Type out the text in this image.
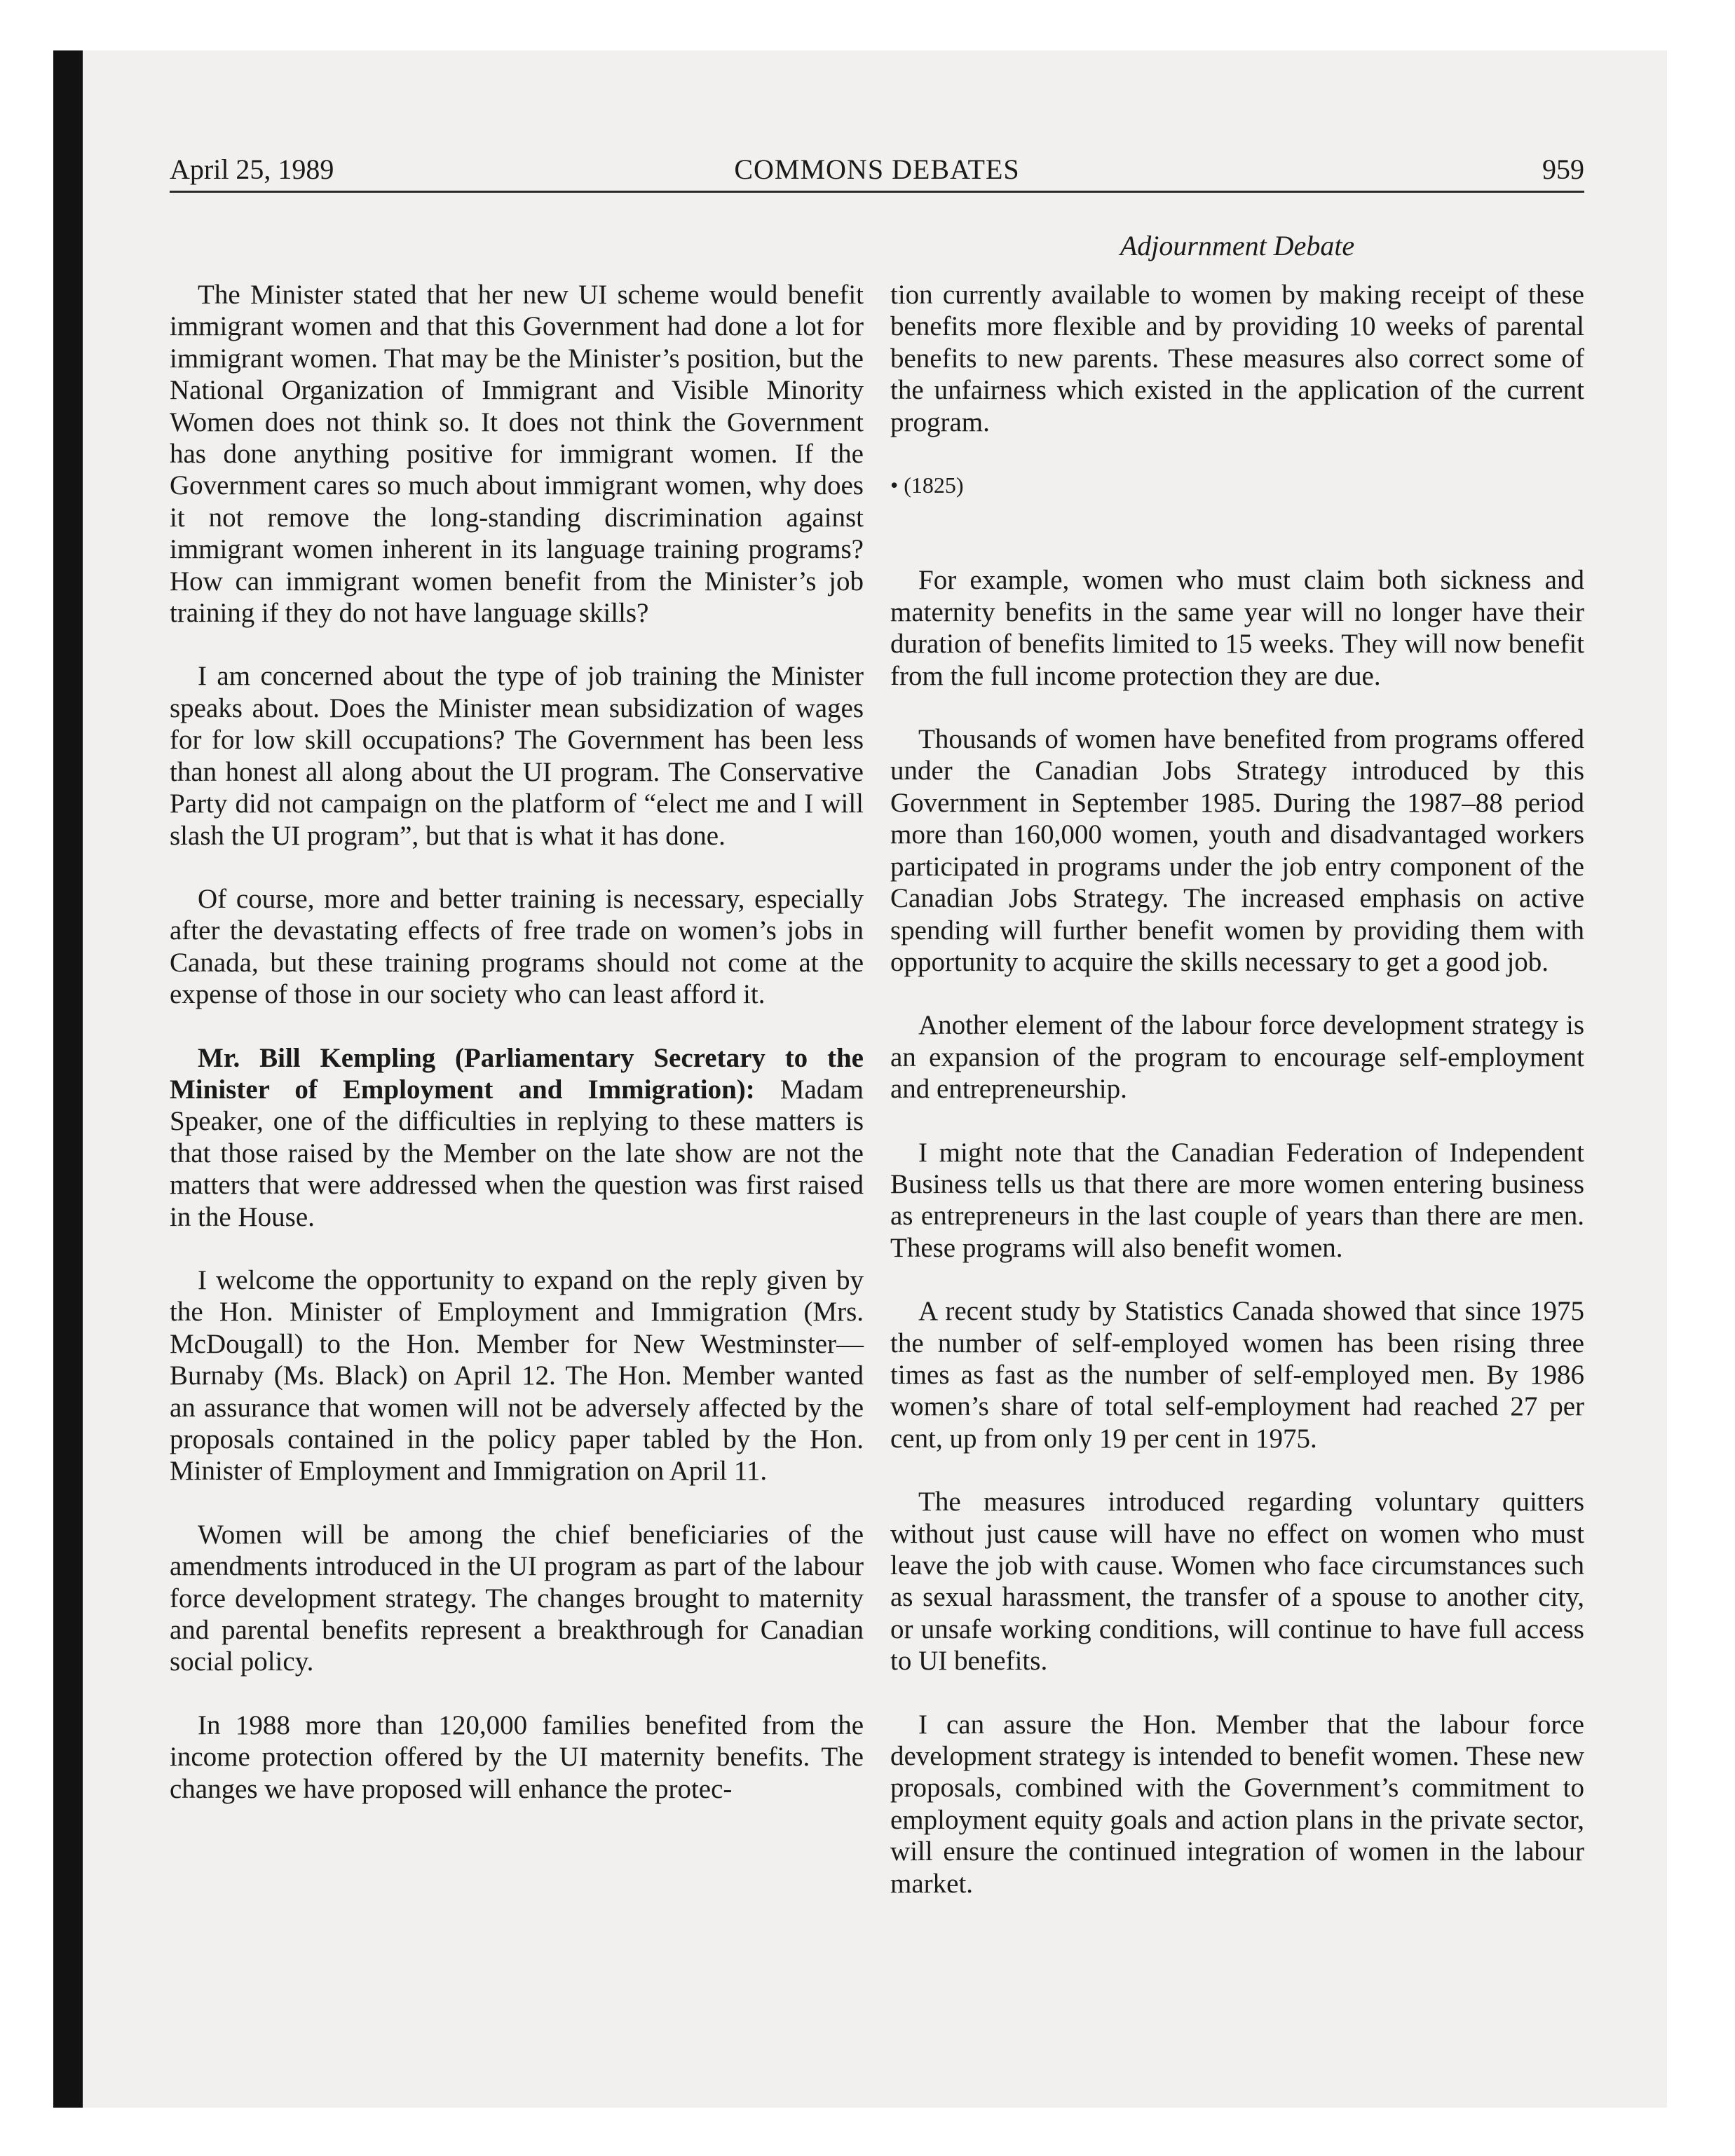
April 25, 1989	COMMONS DEBATES	959
Adjournment Debate

The Minister stated that her new UI scheme would benefit immigrant women and that this Government had done a lot for immigrant women. That may be the Minister’s position, but the National Organization of Immigrant and Visible Minority Women does not think so. It does not think the Government has done anything positive for immigrant women. If the Government cares so much about immigrant women, why does it not remove the long-standing discrimination against immigrant women inherent in its language training programs? How can immigrant women benefit from the Minister’s job training if they do not have language skills?

I am concerned about the type of job training the Minister speaks about. Does the Minister mean subsidization of wages for for low skill occupations? The Government has been less than honest all along about the UI program. The Conservative Party did not campaign on the platform of “elect me and I will slash the UI program”, but that is what it has done.

Of course, more and better training is necessary, especially after the devastating effects of free trade on women’s jobs in Canada, but these training programs should not come at the expense of those in our society who can least afford it.

Mr. Bill Kempling (Parliamentary Secretary to the Minister of Employment and Immigration): Madam Speaker, one of the difficulties in replying to these matters is that those raised by the Member on the late show are not the matters that were addressed when the question was first raised in the House.

I welcome the opportunity to expand on the reply given by the Hon. Minister of Employment and Immigration (Mrs. McDougall) to the Hon. Member for New Westminster—Burnaby (Ms. Black) on April 12. The Hon. Member wanted an assurance that women will not be adversely affected by the proposals contained in the policy paper tabled by the Hon. Minister of Employment and Immigration on April 11.

Women will be among the chief beneficiaries of the amendments introduced in the UI program as part of the labour force development strategy. The changes brought to maternity and parental benefits represent a breakthrough for Canadian social policy.

In 1988 more than 120,000 families benefited from the income protection offered by the UI maternity benefits. The changes we have proposed will enhance the protec-

tion currently available to women by making receipt of these benefits more flexible and by providing 10 weeks of parental benefits to new parents. These measures also correct some of the unfairness which existed in the application of the current program.

• (1825)

For example, women who must claim both sickness and maternity benefits in the same year will no longer have their duration of benefits limited to 15 weeks. They will now benefit from the full income protection they are due.

Thousands of women have benefited from programs offered under the Canadian Jobs Strategy introduced by this Government in September 1985. During the 1987–88 period more than 160,000 women, youth and disadvantaged workers participated in programs under the job entry component of the Canadian Jobs Strategy. The increased emphasis on active spending will further benefit women by providing them with opportunity to acquire the skills necessary to get a good job.

Another element of the labour force development strategy is an expansion of the program to encourage self-employment and entrepreneurship.

I might note that the Canadian Federation of Independent Business tells us that there are more women entering business as entrepreneurs in the last couple of years than there are men. These programs will also benefit women.

A recent study by Statistics Canada showed that since 1975 the number of self-employed women has been rising three times as fast as the number of self-employed men. By 1986 women’s share of total self-employment had reached 27 per cent, up from only 19 per cent in 1975.

The measures introduced regarding voluntary quitters without just cause will have no effect on women who must leave the job with cause. Women who face circumstances such as sexual harassment, the transfer of a spouse to another city, or unsafe working conditions, will continue to have full access to UI benefits.

I can assure the Hon. Member that the labour force development strategy is intended to benefit women. These new proposals, combined with the Government’s commitment to employment equity goals and action plans in the private sector, will ensure the continued integration of women in the labour market.
